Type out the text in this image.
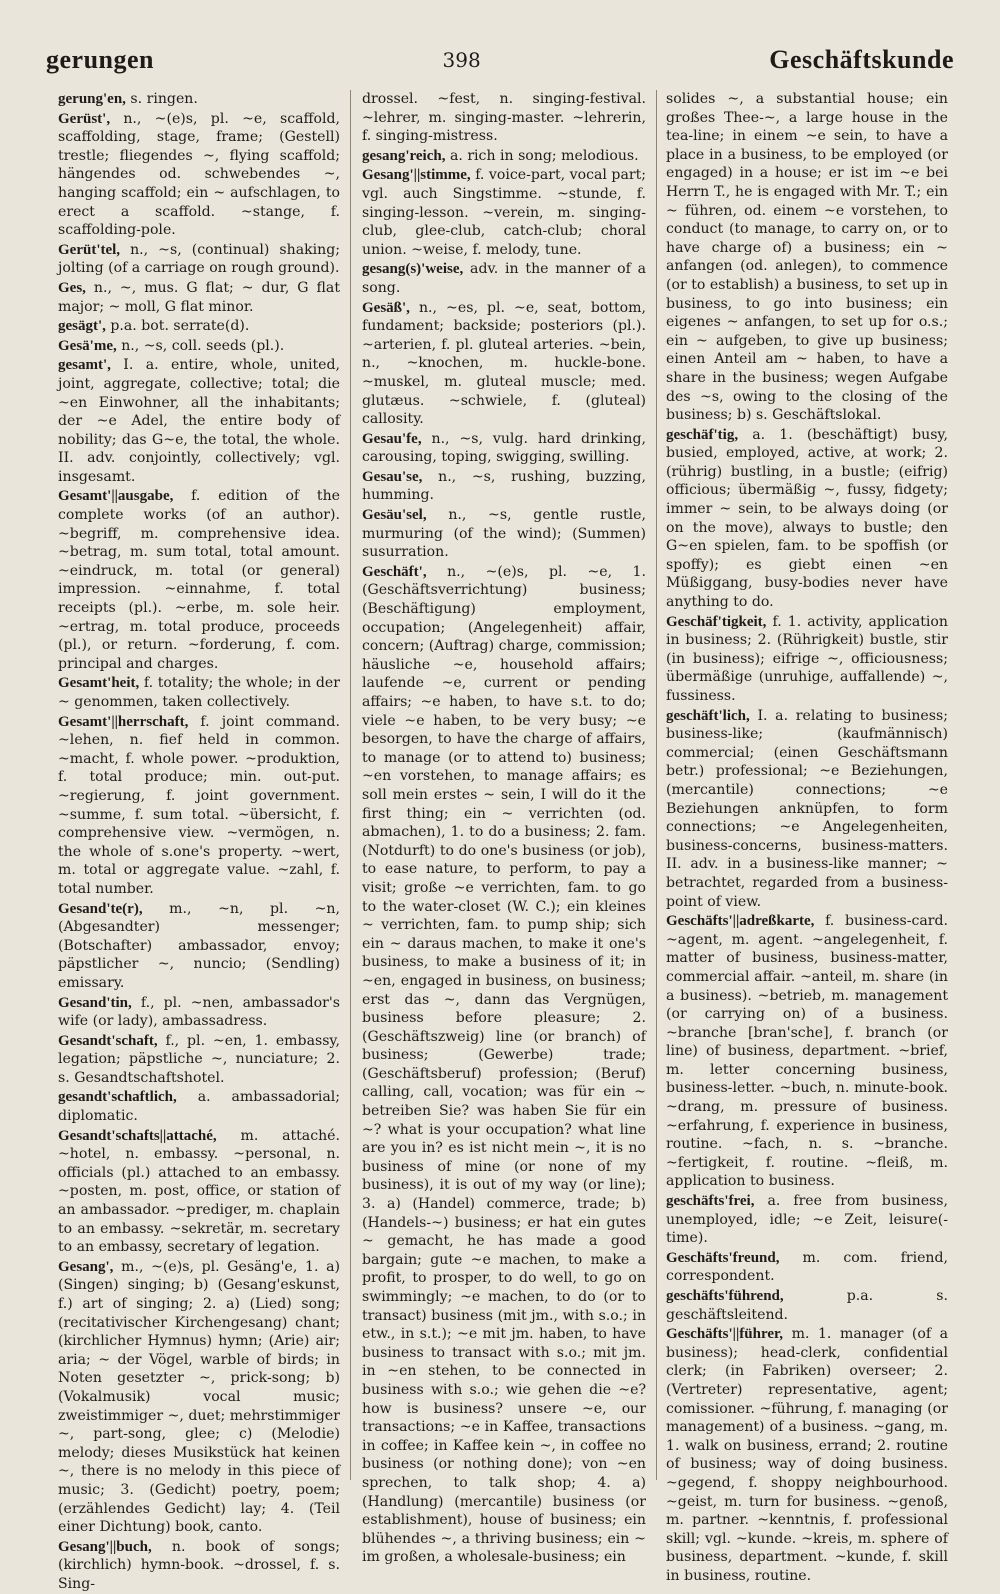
gerungen	398	Geschäftskunde

gerung'en, s. ringen.

Gerüst', n., ~(e)s, pl. ~e, scaffold, scaffolding, stage, frame; (Gestell) trestle; fliegendes ~, flying scaffold; hängendes od. schwebendes ~, hanging scaffold; ein ~ aufschlagen, to erect a scaffold. ~stange, f. scaffolding-pole.

Gerüt'tel, n., ~s, (continual) shaking; jolting (of a carriage on rough ground).

Ges, n., ~, mus. G flat; ~ dur, G flat major; ~ moll, G flat minor.

gesägt', p.a. bot. serrate(d).

Gesä'me, n., ~s, coll. seeds (pl.).

gesamt', I. a. entire, whole, united, joint, aggregate, collective; total; die ~en Einwohner, all the inhabitants; der ~e Adel, the entire body of nobility; das G~e, the total, the whole. II. adv. conjointly, collectively; vgl. insgesamt.

Gesamt'||ausgabe, f. edition of the complete works (of an author). ~begriff, m. comprehensive idea. ~betrag, m. sum total, total amount. ~eindruck, m. total (or general) impression. ~einnahme, f. total receipts (pl.). ~erbe, m. sole heir. ~ertrag, m. total produce, proceeds (pl.), or return. ~forderung, f. com. principal and charges.

Gesamt'heit, f. totality; the whole; in der ~ genommen, taken collectively.

Gesamt'||herrschaft, f. joint command. ~lehen, n. fief held in common. ~macht, f. whole power. ~produktion, f. total produce; min. out-put. ~regierung, f. joint government. ~summe, f. sum total. ~übersicht, f. comprehensive view. ~vermögen, n. the whole of s.one's property. ~wert, m. total or aggregate value. ~zahl, f. total number.

Gesand'te(r), m., ~n, pl. ~n, (Abgesandter) messenger; (Botschafter) ambassador, envoy; päpstlicher ~, nuncio; (Sendling) emissary.

Gesand'tin, f., pl. ~nen, ambassador's wife (or lady), ambassadress.

Gesandt'schaft, f., pl. ~en, 1. embassy, legation; päpstliche ~, nunciature; 2. s. Gesandtschaftshotel.

gesandt'schaftlich, a. ambassadorial; diplomatic.

Gesandt'schafts||attaché, m. attaché. ~hotel, n. embassy. ~personal, n. officials (pl.) attached to an embassy. ~posten, m. post, office, or station of an ambassador. ~prediger, m. chaplain to an embassy. ~sekretär, m. secretary to an embassy, secretary of legation.

Gesang', m., ~(e)s, pl. Gesäng'e, 1. a) (Singen) singing; b) (Gesang'eskunst, f.) art of singing; 2. a) (Lied) song; (recitativischer Kirchengesang) chant; (kirchlicher Hymnus) hymn; (Arie) air; aria; ~ der Vögel, warble of birds; in Noten gesetzter ~, prick-song; b) (Vokalmusik) vocal music; zweistimmiger ~, duet; mehrstimmiger ~, part-song, glee; c) (Melodie) melody; dieses Musikstück hat keinen ~, there is no melody in this piece of music; 3. (Gedicht) poetry, poem; (erzählendes Gedicht) lay; 4. (Teil einer Dichtung) book, canto.

Gesang'||buch, n. book of songs; (kirchlich) hymn-book. ~drossel, f. s. Sing-

drossel. ~fest, n. singing-festival. ~lehrer, m. singing-master. ~lehrerin, f. singing-mistress.

gesang'reich, a. rich in song; melodious.

Gesang'||stimme, f. voice-part, vocal part; vgl. auch Singstimme. ~stunde, f. singing-lesson. ~verein, m. singing-club, glee-club, catch-club; choral union. ~weise, f. melody, tune.

gesang(s)'weise, adv. in the manner of a song.

Gesäß', n., ~es, pl. ~e, seat, bottom, fundament; backside; posteriors (pl.). ~arterien, f. pl. gluteal arteries. ~bein, n., ~knochen, m. huckle-bone. ~muskel, m. gluteal muscle; med. glutæus. ~schwiele, f. (gluteal) callosity.

Gesau'fe, n., ~s, vulg. hard drinking, carousing, toping, swigging, swilling.

Gesau'se, n., ~s, rushing, buzzing, humming.

Gesäu'sel, n., ~s, gentle rustle, murmuring (of the wind); (Summen) susurration.

Geschäft', n., ~(e)s, pl. ~e, 1. (Geschäftsverrichtung) business; (Beschäftigung) employment, occupation; (Angelegenheit) affair, concern; (Auftrag) charge, commission; häusliche ~e, household affairs; laufende ~e, current or pending affairs; ~e haben, to have s.t. to do; viele ~e haben, to be very busy; ~e besorgen, to have the charge of affairs, to manage (or to attend to) business; ~en vorstehen, to manage affairs; es soll mein erstes ~ sein, I will do it the first thing; ein ~ verrichten (od. abmachen), 1. to do a business; 2. fam. (Notdurft) to do one's business (or job), to ease nature, to perform, to pay a visit; große ~e verrichten, fam. to go to the water-closet (W. C.); ein kleines ~ verrichten, fam. to pump ship; sich ein ~ daraus machen, to make it one's business, to make a business of it; in ~en, engaged in business, on business; erst das ~, dann das Vergnügen, business before pleasure; 2. (Geschäftszweig) line (or branch) of business; (Gewerbe) trade; (Geschäftsberuf) profession; (Beruf) calling, call, vocation; was für ein ~ betreiben Sie? was haben Sie für ein ~? what is your occupation? what line are you in? es ist nicht mein ~, it is no business of mine (or none of my business), it is out of my way (or line); 3. a) (Handel) commerce, trade; b) (Handels-~) business; er hat ein gutes ~ gemacht, he has made a good bargain; gute ~e machen, to make a profit, to prosper, to do well, to go on swimmingly; ~e machen, to do (or to transact) business (mit jm., with s.o.; in etw., in s.t.); ~e mit jm. haben, to have business to transact with s.o.; mit jm. in ~en stehen, to be connected in business with s.o.; wie gehen die ~e? how is business? unsere ~e, our transactions; ~e in Kaffee, transactions in coffee; in Kaffee kein ~, in coffee no business (or nothing done); von ~en sprechen, to talk shop; 4. a) (Handlung) (mercantile) business (or establishment), house of business; ein blühendes ~, a thriving business; ein ~ im großen, a wholesale-business; ein

solides ~, a substantial house; ein großes Thee-~, a large house in the tea-line; in einem ~e sein, to have a place in a business, to be employed (or engaged) in a house; er ist im ~e bei Herrn T., he is engaged with Mr. T.; ein ~ führen, od. einem ~e vorstehen, to conduct (to manage, to carry on, or to have charge of) a business; ein ~ anfangen (od. anlegen), to commence (or to establish) a business, to set up in business, to go into business; ein eigenes ~ anfangen, to set up for o.s.; ein ~ aufgeben, to give up business; einen Anteil am ~ haben, to have a share in the business; wegen Aufgabe des ~s, owing to the closing of the business; b) s. Geschäftslokal.

geschäf'tig, a. 1. (beschäftigt) busy, busied, employed, active, at work; 2. (rührig) bustling, in a bustle; (eifrig) officious; übermäßig ~, fussy, fidgety; immer ~ sein, to be always doing (or on the move), always to bustle; den G~en spielen, fam. to be spoffish (or spoffy); es giebt einen ~en Müßiggang, busy-bodies never have anything to do.

Geschäf'tigkeit, f. 1. activity, application in business; 2. (Rührigkeit) bustle, stir (in business); eifrige ~, officiousness; übermäßige (unruhige, auffallende) ~, fussiness.

geschäft'lich, I. a. relating to business; business-like; (kaufmännisch) commercial; (einen Geschäftsmann betr.) professional; ~e Beziehungen, (mercantile) connections; ~e Beziehungen anknüpfen, to form connections; ~e Angelegenheiten, business-concerns, business-matters. II. adv. in a business-like manner; ~ betrachtet, regarded from a business-point of view.

Geschäfts'||adreßkarte, f. business-card. ~agent, m. agent. ~angelegenheit, f. matter of business, business-matter, commercial affair. ~anteil, m. share (in a business). ~betrieb, m. management (or carrying on) of a business. ~branche [bran'sche], f. branch (or line) of business, department. ~brief, m. letter concerning business, business-letter. ~buch, n. minute-book. ~drang, m. pressure of business. ~erfahrung, f. experience in business, routine. ~fach, n. s. ~branche. ~fertigkeit, f. routine. ~fleiß, m. application to business.

geschäfts'frei, a. free from business, unemployed, idle; ~e Zeit, leisure(-time).

Geschäfts'freund, m. com. friend, correspondent.

geschäfts'führend,	p.a. s. geschäftsleitend.

Geschäfts'||führer, m. 1. manager (of a business); head-clerk, confidential clerk; (in Fabriken) overseer; 2. (Vertreter) representative, agent; comissioner. ~führung, f. managing (or management) of a business. ~gang, m. 1. walk on business, errand; 2. routine of business; way of doing business. ~gegend, f. shoppy neighbourhood. ~geist, m. turn for business. ~genoß, m. partner. ~kenntnis, f. professional skill; vgl. ~kunde. ~kreis, m. sphere of business, department. ~kunde, f. skill in business, routine.
